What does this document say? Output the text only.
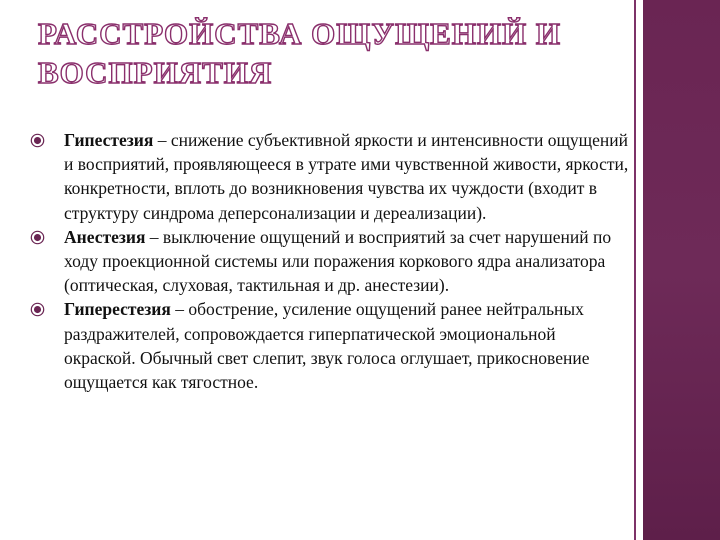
РАССТРОЙСТВА ОЩУЩЕНИЙ И ВОСПРИЯТИЯ
Гипестезия – снижение субъективной яркости и интенсивности ощущений и восприятий, проявляющееся в утрате ими чувственной живости, яркости, конкретности, вплоть до возникновения чувства их чуждости (входит в структуру синдрома деперсонализации и дереализации).
Анестезия – выключение ощущений и восприятий за счет нарушений по ходу проекционной системы или поражения коркового ядра анализатора (оптическая, слуховая, тактильная и др. анестезии).
Гиперестезия – обострение, усиление ощущений ранее нейтральных раздражителей, сопровождается гиперпатической эмоциональной окраской. Обычный свет слепит, звук голоса оглушает, прикосновение ощущается как тягостное.
